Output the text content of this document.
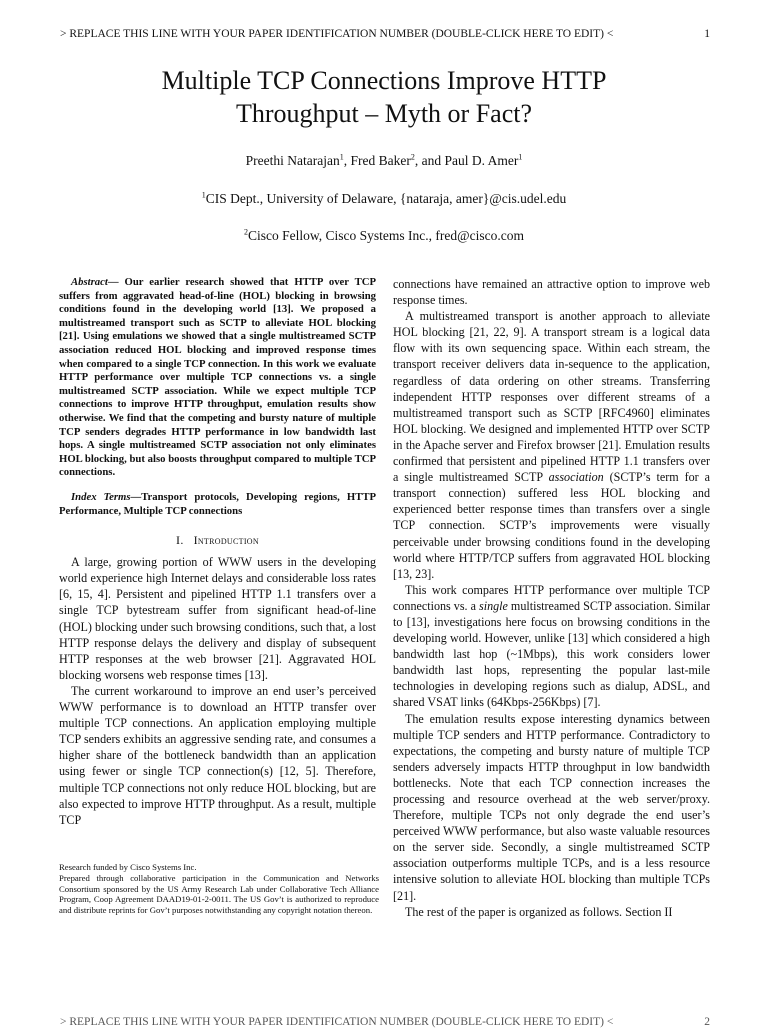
> REPLACE THIS LINE WITH YOUR PAPER IDENTIFICATION NUMBER (DOUBLE-CLICK HERE TO EDIT) <	1
Multiple TCP Connections Improve HTTP
Throughput – Myth or Fact?
Preethi Natarajan$^1$, Fred Baker$^2$, and Paul D. Amer$^1$
$^1$CIS Dept., University of Delaware, {nataraja, amer}@cis.udel.edu
$^2$Cisco Fellow, Cisco Systems Inc., fred@cisco.com

Abstract— Our earlier research showed that HTTP over TCP suffers from aggravated head-of-line (HOL) blocking in browsing conditions found in the developing world [13]. We proposed a multistreamed transport such as SCTP to alleviate HOL blocking [21]. Using emulations we showed that a single multistreamed SCTP association reduced HOL blocking and improved response times when compared to a single TCP connection. In this work we evaluate HTTP performance over multiple TCP connections vs. a single multistreamed SCTP association. While we expect multiple TCP connections to improve HTTP throughput, emulation results show otherwise. We find that the competing and bursty nature of multiple TCP senders degrades HTTP performance in low bandwidth last hops. A single multistreamed SCTP association not only eliminates HOL blocking, but also boosts throughput compared to multiple TCP connections.

Index Terms—Transport protocols, Developing regions, HTTP Performance, Multiple TCP connections

I. Introduction

A large, growing portion of WWW users in the developing world experience high Internet delays and considerable loss rates [6, 15, 4]. Persistent and pipelined HTTP 1.1 transfers over a single TCP bytestream suffer from significant head-of-line (HOL) blocking under such browsing conditions, such that, a lost HTTP response delays the delivery and display of subsequent HTTP responses at the web browser [21]. Aggravated HOL blocking worsens web response times [13].

The current workaround to improve an end user’s perceived WWW performance is to download an HTTP transfer over multiple TCP connections. An application employing multiple TCP senders exhibits an aggressive sending rate, and consumes a higher share of the bottleneck bandwidth than an application using fewer or single TCP connection(s) [12, 5]. Therefore, multiple TCP connections not only reduce HOL blocking, but are also expected to improve HTTP throughput. As a result, multiple TCP

Research funded by Cisco Systems Inc.
Prepared through collaborative participation in the Communication and Networks Consortium sponsored by the US Army Research Lab under Collaborative Tech Alliance Program, Coop Agreement DAAD19-01-2-0011. The US Gov’t is authorized to reproduce and distribute reprints for Gov’t purposes notwithstanding any copyright notation thereon.

connections have remained an attractive option to improve web response times.

A multistreamed transport is another approach to alleviate HOL blocking [21, 22, 9]. A transport stream is a logical data flow with its own sequencing space. Within each stream, the transport receiver delivers data in-sequence to the application, regardless of data ordering on other streams. Transferring independent HTTP responses over different streams of a multistreamed transport such as SCTP [RFC4960] eliminates HOL blocking. We designed and implemented HTTP over SCTP in the Apache server and Firefox browser [21]. Emulation results confirmed that persistent and pipelined HTTP 1.1 transfers over a single multistreamed SCTP association (SCTP’s term for a transport connection) suffered less HOL blocking and experienced better response times than transfers over a single TCP connection. SCTP’s improvements were visually perceivable under browsing conditions found in the developing world where HTTP/TCP suffers from aggravated HOL blocking [13, 23].

This work compares HTTP performance over multiple TCP connections vs. a single multistreamed SCTP association. Similar to [13], investigations here focus on browsing conditions in the developing world. However, unlike [13] which considered a high bandwidth last hop (~1Mbps), this work considers lower bandwidth last hops, representing the popular last-mile technologies in developing regions such as dialup, ADSL, and shared VSAT links (64Kbps-256Kbps) [7].

The emulation results expose interesting dynamics between multiple TCP senders and HTTP performance. Contradictory to expectations, the competing and bursty nature of multiple TCP senders adversely impacts HTTP throughput in low bandwidth bottlenecks. Note that each TCP connection increases the processing and resource overhead at the web server/proxy. Therefore, multiple TCPs not only degrade the end user’s perceived WWW performance, but also waste valuable resources on the server side. Secondly, a single multistreamed SCTP association outperforms multiple TCPs, and is a less resource intensive solution to alleviate HOL blocking than multiple TCPs [21].

The rest of the paper is organized as follows. Section II

> REPLACE THIS LINE WITH YOUR PAPER IDENTIFICATION NUMBER (DOUBLE-CLICK HERE TO EDIT) <	2
